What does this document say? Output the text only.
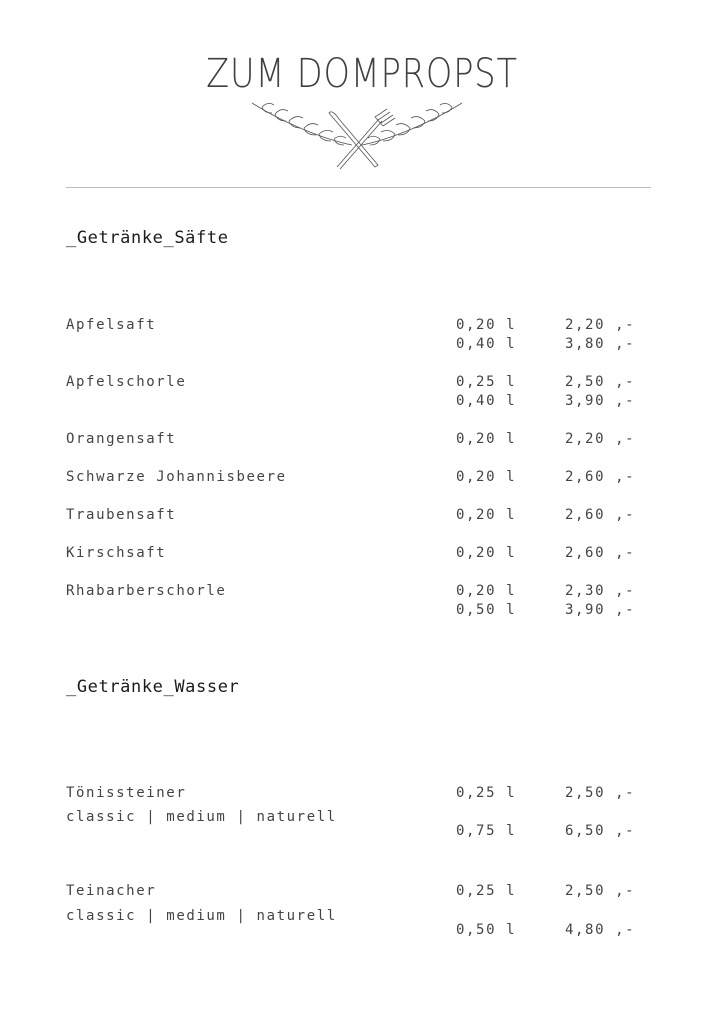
ZUM DOMPROPST
_Getränke_Säfte
Apfelsaft	0,20 l	2,20 ,-
0,40 l	3,80 ,-
Apfelschorle	0,25 l	2,50 ,-
0,40 l	3,90 ,-
Orangensaft	0,20 l	2,20 ,-
Schwarze Johannisbeere	0,20 l	2,60 ,-
Traubensaft	0,20 l	2,60 ,-
Kirschsaft	0,20 l	2,60 ,-
Rhabarberschorle	0,20 l	2,30 ,-
0,50 l	3,90 ,-
_Getränke_Wasser
Tönissteiner	0,25 l	2,50 ,-
classic | medium | naturell
0,75 l	6,50 ,-
Teinacher	0,25 l	2,50 ,-
classic | medium | naturell
0,50 l	4,80 ,-
